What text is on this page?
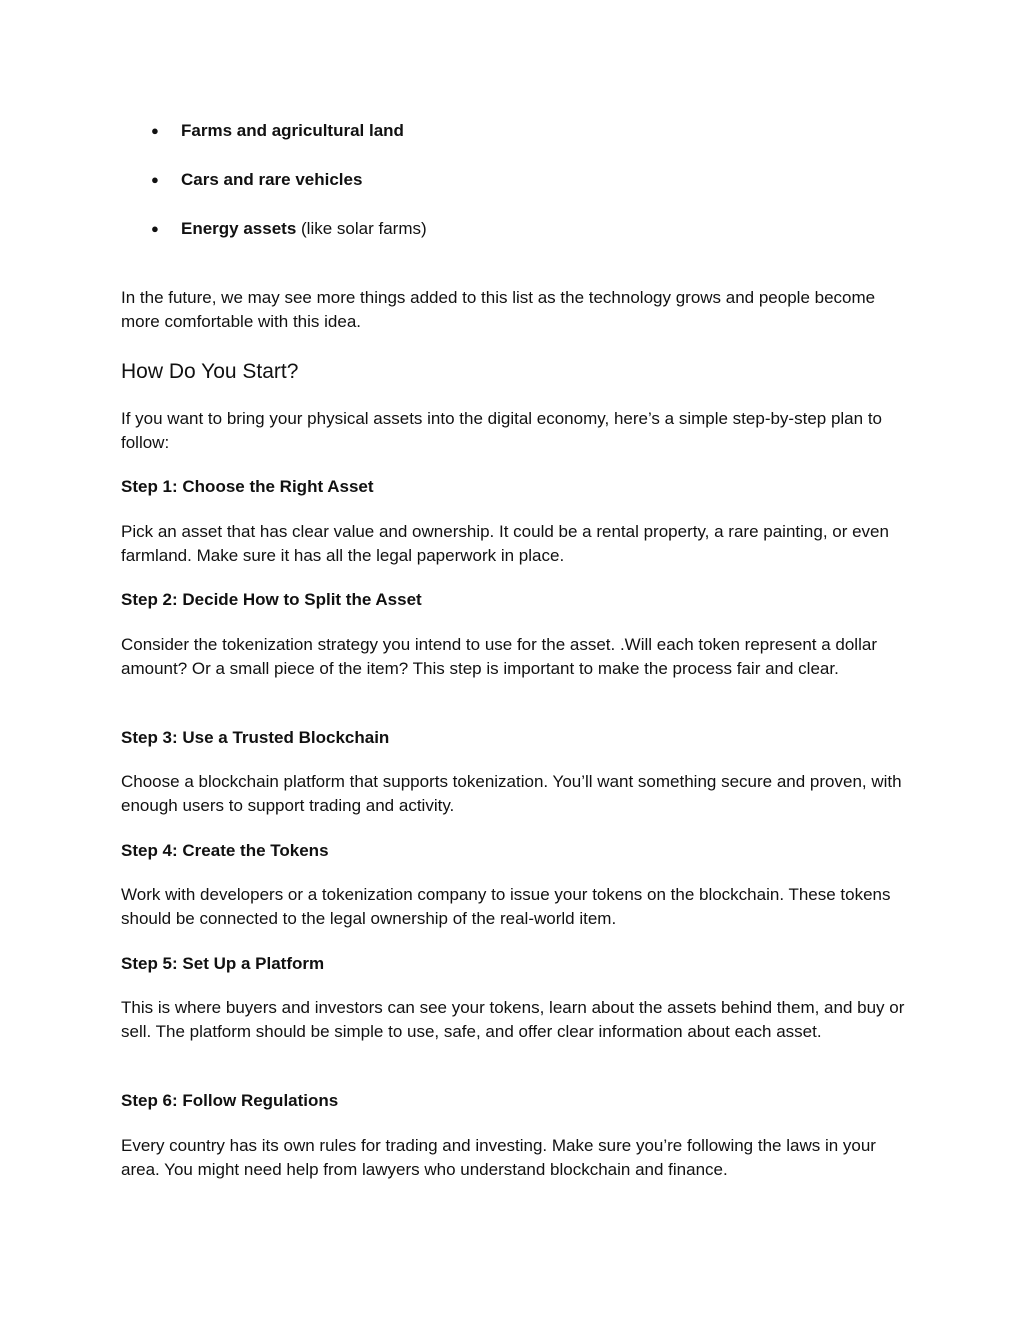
● Farms and agricultural land
● Cars and rare vehicles
● Energy assets (like solar farms)

In the future, we may see more things added to this list as the technology grows and people become more comfortable with this idea.

How Do You Start?

If you want to bring your physical assets into the digital economy, here’s a simple step-by-step plan to follow:

Step 1: Choose the Right Asset

Pick an asset that has clear value and ownership. It could be a rental property, a rare painting, or even farmland. Make sure it has all the legal paperwork in place.

Step 2: Decide How to Split the Asset

Consider the tokenization strategy you intend to use for the asset. .Will each token represent a dollar amount? Or a small piece of the item? This step is important to make the process fair and clear.

Step 3: Use a Trusted Blockchain

Choose a blockchain platform that supports tokenization. You’ll want something secure and proven, with enough users to support trading and activity.

Step 4: Create the Tokens

Work with developers or a tokenization company to issue your tokens on the blockchain. These tokens should be connected to the legal ownership of the real-world item.

Step 5: Set Up a Platform

This is where buyers and investors can see your tokens, learn about the assets behind them, and buy or sell. The platform should be simple to use, safe, and offer clear information about each asset.

Step 6: Follow Regulations

Every country has its own rules for trading and investing. Make sure you’re following the laws in your area. You might need help from lawyers who understand blockchain and finance.
